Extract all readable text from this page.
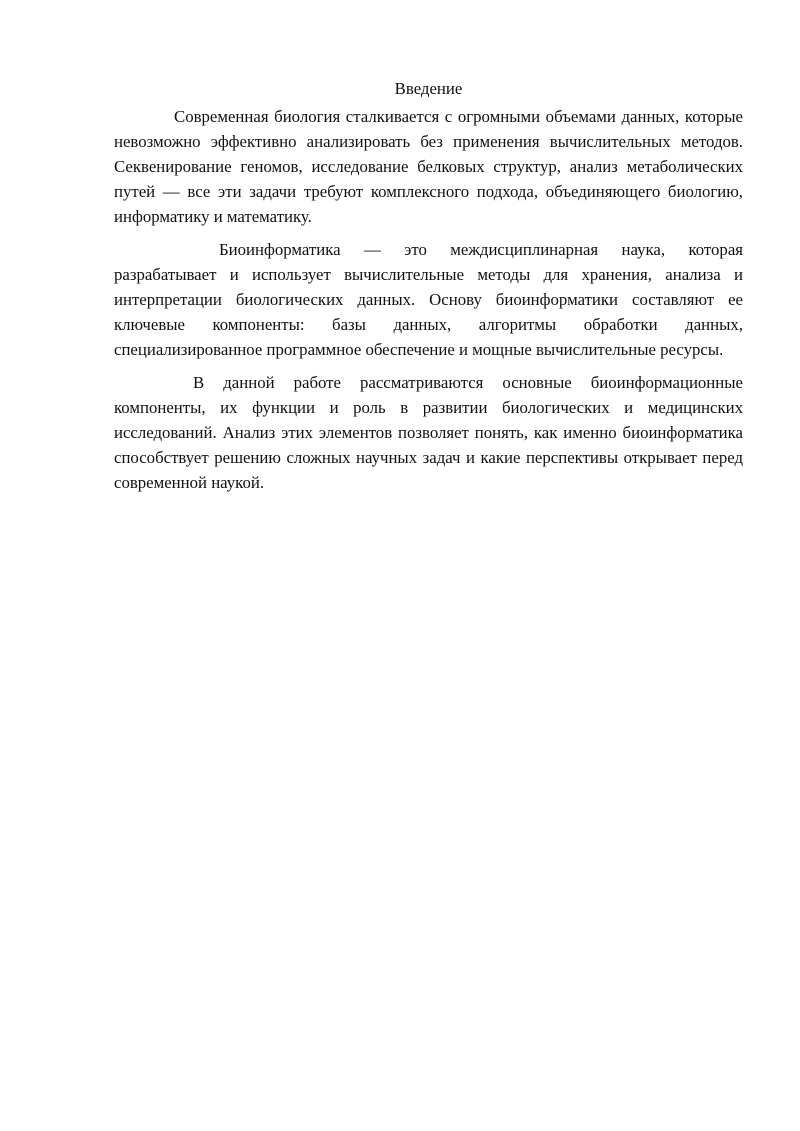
Введение

Современная биология сталкивается с огромными объемами данных, которые невозможно эффективно анализировать без применения вычислительных методов. Секвенирование геномов, исследование белковых структур, анализ метаболических путей — все эти задачи требуют комплексного подхода, объединяющего биологию, информатику и математику.

Биоинформатика — это междисциплинарная наука, которая разрабатывает и использует вычислительные методы для хранения, анализа и интерпретации биологических данных. Основу биоинформатики составляют ее ключевые компоненты: базы данных, алгоритмы обработки данных, специализированное программное обеспечение и мощные вычислительные ресурсы.

В данной работе рассматриваются основные биоинформационные компоненты, их функции и роль в развитии биологических и медицинских исследований. Анализ этих элементов позволяет понять, как именно биоинформатика способствует решению сложных научных задач и какие перспективы открывает перед современной наукой.
